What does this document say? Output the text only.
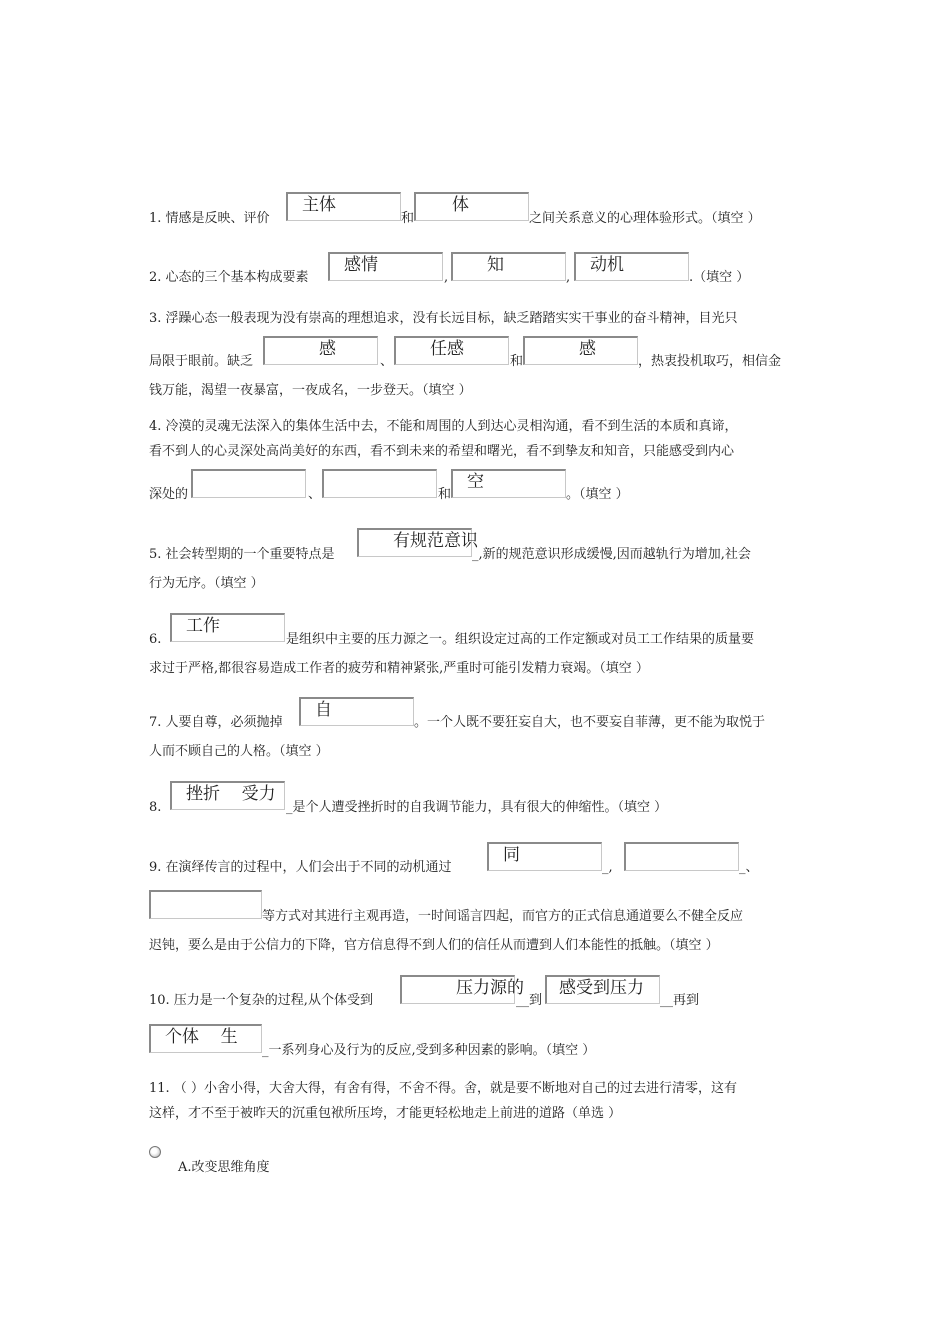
1. 情感是反映、评价
主体
和
体
之间关系意义的心理体验形式。（填空 ）
2. 心态的三个基本构成要素
感情
,
知
,
动机
.（填空 ）
3. 浮躁心态一般表现为没有崇高的理想追求，没有长远目标，缺乏踏踏实实干事业的奋斗精神，目光只
局限于眼前。缺乏
感
、
任感
和
感
，热衷投机取巧，相信金
钱万能，渴望一夜暴富，一夜成名，一步登天。（填空 ）
4. 冷漠的灵魂无法深入的集体生活中去，不能和周围的人到达心灵相沟通，看不到生活的本质和真谛，
看不到人的心灵深处高尚美好的东西，看不到未来的希望和曙光，看不到挚友和知音，只能感受到内心
深处的	、	和
空
。（填空 ）
5. 社会转型期的一个重要特点是
有规范意识
_,新的规范意识形成缓慢,因而越轨行为增加,社会
行为无序。（填空 ）
6.
工作
是组织中主要的压力源之一。组织设定过高的工作定额或对员工工作结果的质量要
求过于严格,都很容易造成工作者的疲劳和精神紧张,严重时可能引发精力衰竭。（填空 ）
7. 人要自尊，必须抛掉
自
。一个人既不要狂妄自大，也不要妄自菲薄，更不能为取悦于
人而不顾自己的人格。（填空 ）
8.
挫折    受力
_是个人遭受挫折时的自我调节能力，具有很大的伸缩性。（填空 ）
9. 在演绎传言的过程中，人们会出于不同的动机通过
同
_,	_、
等方式对其进行主观再造，一时间谣言四起，而官方的正式信息通道要么不健全反应
迟钝，要么是由于公信力的下降，官方信息得不到人们的信任从而遭到人们本能性的抵触。（填空 ）
10. 压力是一个复杂的过程,从个体受到
压力源的
__到
感受到压力
__再到
个体    生
_一系列身心及行为的反应,受到多种因素的影响。（填空 ）
11. （ ）小舍小得，大舍大得，有舍有得，不舍不得。舍，就是要不断地对自己的过去进行清零，这有
这样，才不至于被昨天的沉重包袱所压垮，才能更轻松地走上前进的道路（单选 ）
A.改变思维角度
